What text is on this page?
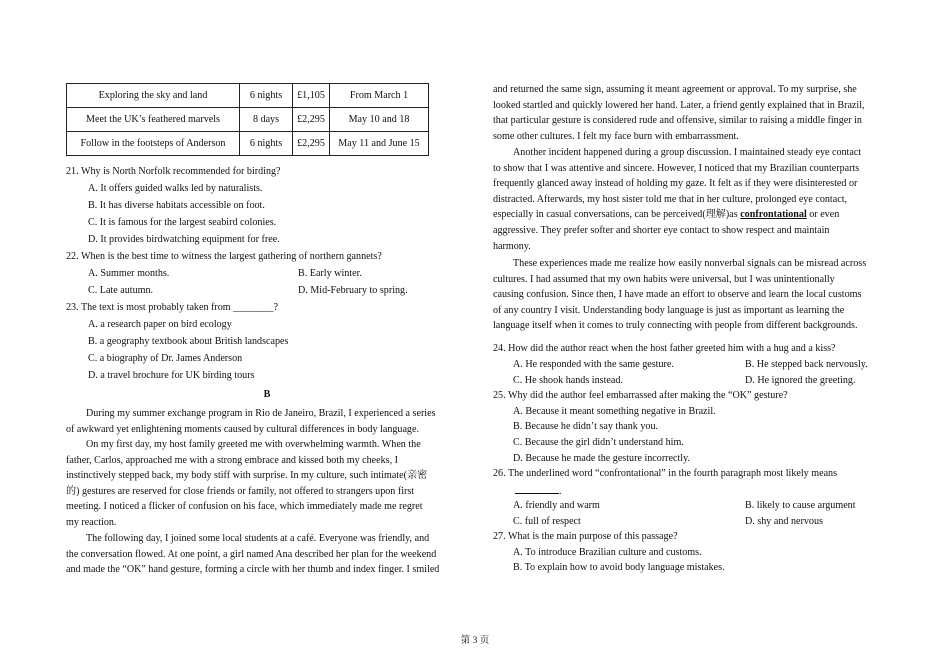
Exploring the sky and land	6 nights	£1,105	From March 1
Meet the UK’s feathered marvels	8 days	£2,295	May 10 and 18
Follow in the footsteps of Anderson	6 nights	£2,295	May 11 and June 15
21. Why is North Norfolk recommended for birding?
A. It offers guided walks led by naturalists.
B. It has diverse habitats accessible on foot.
C. It is famous for the largest seabird colonies.
D. It provides birdwatching equipment for free.
22. When is the best time to witness the largest gathering of northern gannets?
A. Summer months.	B. Early winter.
C. Late autumn.	D. Mid-February to spring.
23. The text is most probably taken from ________?
A. a research paper on bird ecology
B. a geography textbook about British landscapes
C. a biography of Dr. James Anderson
D. a travel brochure for UK birding tours
B
During my summer exchange program in Rio de Janeiro, Brazil, I experienced a series
of awkward yet enlightening moments caused by cultural differences in body language.
On my first day, my host family greeted me with overwhelming warmth. When the
father, Carlos, approached me with a strong embrace and kissed both my cheeks, I
instinctively stepped back, my body stiff with surprise. In my culture, such intimate(亲密
的) gestures are reserved for close friends or family, not offered to strangers upon first
meeting. I noticed a flicker of confusion on his face, which immediately made me regret
my reaction.
The following day, I joined some local students at a café. Everyone was friendly, and
the conversation flowed. At one point, a girl named Ana described her plan for the weekend
and made the “OK” hand gesture, forming a circle with her thumb and index finger. I smiled
and returned the same sign, assuming it meant agreement or approval. To my surprise, she
looked startled and quickly lowered her hand. Later, a friend gently explained that in Brazil,
that particular gesture is considered rude and offensive, similar to raising a middle finger in
some other cultures. I felt my face burn with embarrassment.
Another incident happened during a group discussion. I maintained steady eye contact
to show that I was attentive and sincere. However, I noticed that my Brazilian counterparts
frequently glanced away instead of holding my gaze. It felt as if they were disinterested or
distracted. Afterwards, my host sister told me that in her culture, prolonged eye contact,
especially in casual conversations, can be perceived(理解)as confrontational or even
aggressive. They prefer softer and shorter eye contact to show respect and maintain
harmony.
These experiences made me realize how easily nonverbal signals can be misread across
cultures. I had assumed that my own habits were universal, but I was unintentionally
causing confusion. Since then, I have made an effort to observe and learn the local customs
of any country I visit. Understanding body language is just as important as learning the
language itself when it comes to truly connecting with people from different backgrounds.
24. How did the author react when the host father greeted him with a hug and a kiss?
A. He responded with the same gesture.	B. He stepped back nervously.
C. He shook hands instead.	D. He ignored the greeting.
25. Why did the author feel embarrassed after making the “OK” gesture?
A. Because it meant something negative in Brazil.
B. Because he didn’t say thank you.
C. Because the girl didn’t understand him.
D. Because he made the gesture incorrectly.
26. The underlined word “confrontational” in the fourth paragraph most likely means
.
A. friendly and warm	B. likely to cause argument
C. full of respect	D. shy and nervous
27. What is the main purpose of this passage?
A. To introduce Brazilian culture and customs.
B. To explain how to avoid body language mistakes.
第 3 页
